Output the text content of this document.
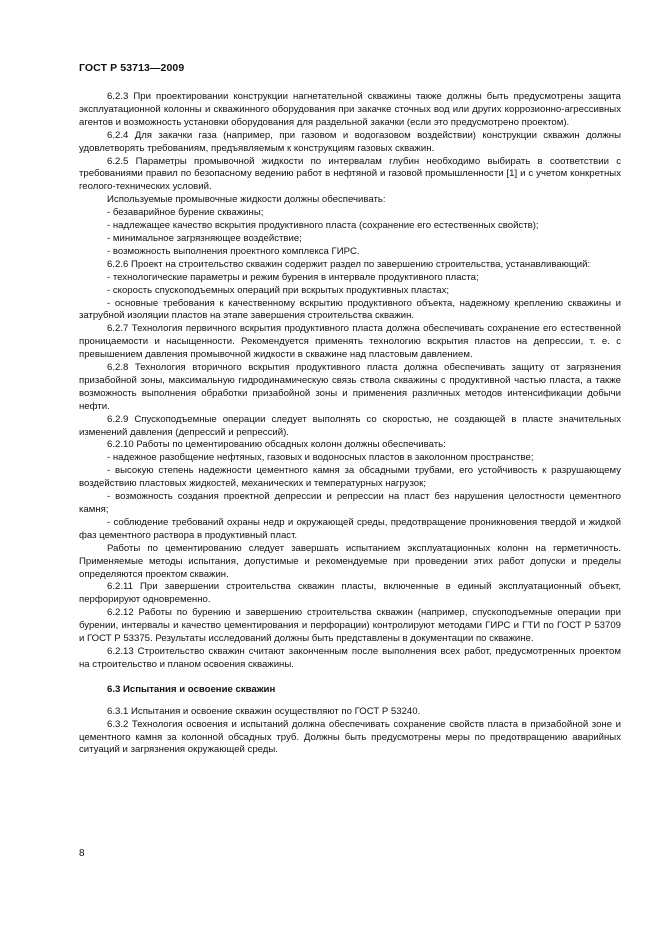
ГОСТ Р 53713—2009

6.2.3 При проектировании конструкции нагнетательной скважины также должны быть предусмотрены защита эксплуатационной колонны и скважинного оборудования при закачке сточных вод или других коррозионно-агрессивных агентов и возможность установки оборудования для раздельной закачки (если это предусмотрено проектом).

6.2.4 Для закачки газа (например, при газовом и водогазовом воздействии) конструкции скважин должны удовлетворять требованиям, предъявляемым к конструкциям газовых скважин.

6.2.5 Параметры промывочной жидкости по интервалам глубин необходимо выбирать в соответствии с требованиями правил по безопасному ведению работ в нефтяной и газовой промышленности [1] и с учетом конкретных геолого-технических условий.

Используемые промывочные жидкости должны обеспечивать:

- безаварийное бурение скважины;

- надлежащее качество вскрытия продуктивного пласта (сохранение его естественных свойств);

- минимальное загрязняющее воздействие;

- возможность выполнения проектного комплекса ГИРС.

6.2.6 Проект на строительство скважин содержит раздел по завершению строительства, устанавливающий:

- технологические параметры и режим бурения в интервале продуктивного пласта;

- скорость спускоподъемных операций при вскрытых продуктивных пластах;

- основные требования к качественному вскрытию продуктивного объекта, надежному креплению скважины и затрубной изоляции пластов на этапе завершения строительства скважин.

6.2.7 Технология первичного вскрытия продуктивного пласта должна обеспечивать сохранение его естественной проницаемости и насыщенности. Рекомендуется применять технологию вскрытия пластов на депрессии, т. е. с превышением давления промывочной жидкости в скважине над пластовым давлением.

6.2.8 Технология вторичного вскрытия продуктивного пласта должна обеспечивать защиту от загрязнения призабойной зоны, максимальную гидродинамическую связь ствола скважины с продуктивной частью пласта, а также возможность выполнения обработки призабойной зоны и применения различных методов интенсификации добычи нефти.

6.2.9 Спускоподъемные операции следует выполнять со скоростью, не создающей в пласте значительных изменений давления (депрессий и репрессий).

6.2.10 Работы по цементированию обсадных колонн должны обеспечивать:

- надежное разобщение нефтяных, газовых и водоносных пластов в заколонном пространстве;

- высокую степень надежности цементного камня за обсадными трубами, его устойчивость к разрушающему воздействию пластовых жидкостей, механических и температурных нагрузок;

- возможность создания проектной депрессии и репрессии на пласт без нарушения целостности цементного камня;

- соблюдение требований охраны недр и окружающей среды, предотвращение проникновения твердой и жидкой фаз цементного раствора в продуктивный пласт.

Работы по цементированию следует завершать испытанием эксплуатационных колонн на герметичность. Применяемые методы испытания, допустимые и рекомендуемые при проведении этих работ допуски и пределы определяются проектом скважин.

6.2.11 При завершении строительства скважин пласты, включенные в единый эксплуатационный объект, перфорируют одновременно.

6.2.12 Работы по бурению и завершению строительства скважин (например, спускоподъемные операции при бурении, интервалы и качество цементирования и перфорации) контролируют методами ГИРС и ГТИ по ГОСТ Р 53709 и ГОСТ Р 53375. Результаты исследований должны быть представлены в документации по скважине.

6.2.13 Строительство скважин считают законченным после выполнения всех работ, предусмотренных проектом на строительство и планом освоения скважины.

6.3 Испытания и освоение скважин

6.3.1 Испытания и освоение скважин осуществляют по ГОСТ Р 53240.

6.3.2 Технология освоения и испытаний должна обеспечивать сохранение свойств пласта в призабойной зоне и цементного камня за колонной обсадных труб. Должны быть предусмотрены меры по предотвращению аварийных ситуаций и загрязнения окружающей среды.

8
